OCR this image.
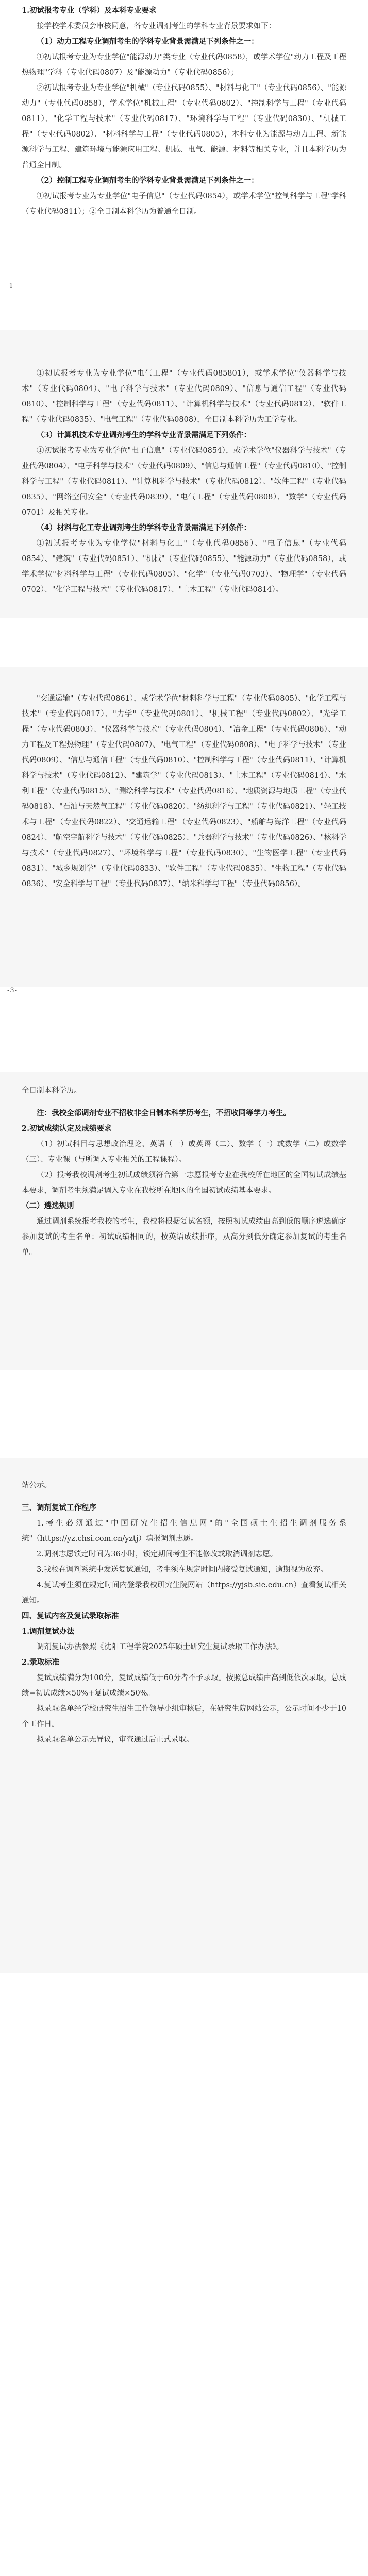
1.初试报考专业（学科）及本科专业要求

接学校学术委员会审核同意，各专业调剂考生的学科专业背景要求如下：

（1）动力工程专业调剂考生的学科专业背景需满足下列条件之一：

①初试报考专业为专业学位"能源动力"类专业（专业代码0858），或学术学位"动力工程及工程热物理"学科（专业代码0807）及"能源动力"（专业代码0856）；

②初试报考专业为专业学位"机械"（专业代码0855）、"材料与化工"（专业代码0856）、"能源动力"（专业代码0858），学术学位"机械工程"（专业代码0802）、"控制科学与工程"（专业代码0811）、"化学工程与技术"（专业代码0817）、"环境科学与工程"（专业代码0830）、"机械工程"（专业代码0802）、"材料科学与工程"（专业代码0805），本科专业为能源与动力工程、新能源科学与工程、建筑环境与能源应用工程、机械、电气、能源、材料等相关专业，并且本科学历为普通全日制。

（2）控制工程专业调剂考生的学科专业背景需满足下列条件之一：

①初试报考专业为专业学位"电子信息"（专业代码0854），或学术学位"控制科学与工程"学科（专业代码0811）；②全日制本科学历为普通全日制。

-1-

①初试报考专业为专业学位"电气工程"（专业代码085801），或学术学位"仪器科学与技术"（专业代码0804）、"电子科学与技术"（专业代码0809）、"信息与通信工程"（专业代码0810）、"控制科学与工程"（专业代码0811）、"计算机科学与技术"（专业代码0812）、"软件工程"（专业代码0835）、"电气工程"（专业代码0808），全日制本科学历为工学专业。

（3）计算机技术专业调剂考生的学科专业背景需满足下列条件：

①初试报考专业为专业学位"电子信息"（专业代码0854），或学术学位"仪器科学与技术"（专业代码0804）、"电子科学与技术"（专业代码0809）、"信息与通信工程"（专业代码0810）、"控制科学与工程"（专业代码0811）、"计算机科学与技术"（专业代码0812）、"软件工程"（专业代码0835）、"网络空间安全"（专业代码0839）、"电气工程"（专业代码0808）、"数学"（专业代码0701）及相关专业。

（4）材料与化工专业调剂考生的学科专业背景需满足下列条件：

①初试报考专业为专业学位"材料与化工"（专业代码0856）、"电子信息"（专业代码0854）、"建筑"（专业代码0851）、"机械"（专业代码0855）、"能源动力"（专业代码0858），或学术学位"材料科学与工程"（专业代码0805）、"化学"（专业代码0703）、"物理学"（专业代码0702）、"化学工程与技术"（专业代码0817）、"土木工程"（专业代码0814）。

"交通运输"（专业代码0861），或学术学位"材料科学与工程"（专业代码0805）、"化学工程与技术"（专业代码0817）、"力学"（专业代码0801）、"机械工程"（专业代码0802）、"光学工程"（专业代码0803）、"仪器科学与技术"（专业代码0804）、"冶金工程"（专业代码0806）、"动力工程及工程热物理"（专业代码0807）、"电气工程"（专业代码0808）、"电子科学与技术"（专业代码0809）、"信息与通信工程"（专业代码0810）、"控制科学与工程"（专业代码0811）、"计算机科学与技术"（专业代码0812）、"建筑学"（专业代码0813）、"土木工程"（专业代码0814）、"水利工程"（专业代码0815）、"测绘科学与技术"（专业代码0816）、"地质资源与地质工程"（专业代码0818）、"石油与天然气工程"（专业代码0820）、"纺织科学与工程"（专业代码0821）、"轻工技术与工程"（专业代码0822）、"交通运输工程"（专业代码0823）、"船舶与海洋工程"（专业代码0824）、"航空宇航科学与技术"（专业代码0825）、"兵器科学与技术"（专业代码0826）、"核科学与技术"（专业代码0827）、"环境科学与工程"（专业代码0830）、"生物医学工程"（专业代码0831）、"城乡规划学"（专业代码0833）、"软件工程"（专业代码0835）、"生物工程"（专业代码0836）、"安全科学与工程"（专业代码0837）、"纳米科学与工程"（专业代码0856）。

-3-

全日制本科学历。

注：我校全部调剂专业不招收非全日制本科学历考生，不招收同等学力考生。

2.初试成绩认定及成绩要求

（1）初试科目与思想政治理论、英语（一）或英语（二）、数学（一）或数学（二）或数学（三）、专业课（与所调入专业相关的工程课程）。

（2）报考我校调剂考生初试成绩须符合第一志愿报考专业在我校所在地区的全国初试成绩基本要求，调剂考生须满足调入专业在我校所在地区的全国初试成绩基本要求。

（二）遴选规则

通过调剂系统报考我校的考生，我校将根据复试名额，按照初试成绩由高到低的顺序遴选确定参加复试的考生名单；初试成绩相同的，按英语成绩排序，从高分到低分确定参加复试的考生名单。

站公示。

三、调剂复试工作程序

1.考生必须通过"中国研究生招生信息网"的"全国硕士生招生调剂服务系统"（https://yz.chsi.com.cn/yztj）填报调剂志愿。

2.调剂志愿锁定时间为36小时，锁定期间考生不能修改或取消调剂志愿。

3.我校在调剂系统中发送复试通知，考生须在规定时间内接受复试通知，逾期视为放弃。

4.复试考生须在规定时间内登录我校研究生院网站（https://yjsb.sie.edu.cn）查看复试相关通知。

四、复试内容及复试录取标准

1.调剂复试办法

调剂复试办法参照《沈阳工程学院2025年硕士研究生复试录取工作办法》。

2.录取标准

复试成绩满分为100分，复试成绩低于60分者不予录取。按照总成绩由高到低依次录取，总成绩=初试成绩×50%+复试成绩×50%。

拟录取名单经学校研究生招生工作领导小组审核后，在研究生院网站公示，公示时间不少于10个工作日。

拟录取名单公示无异议，审查通过后正式录取。
